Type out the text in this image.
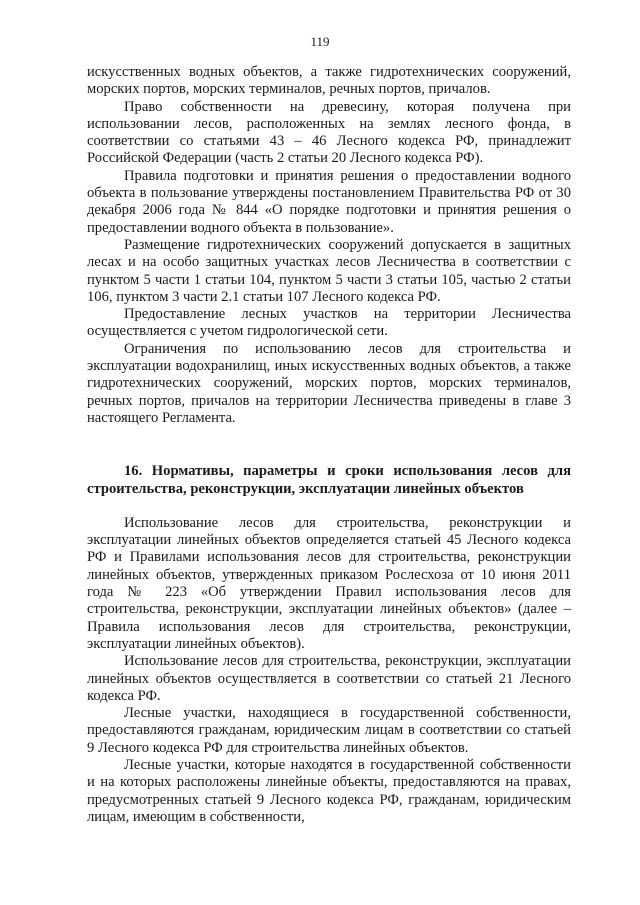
119

искусственных водных объектов, а также гидротехнических сооружений, морских портов, морских терминалов, речных портов, причалов.

Право собственности на древесину, которая получена при использовании лесов, расположенных на землях лесного фонда, в соответствии со статьями 43 – 46 Лесного кодекса РФ, принадлежит Российской Федерации (часть 2 статьи 20 Лесного кодекса РФ).

Правила подготовки и принятия решения о предоставлении водного объекта в пользование утверждены постановлением Правительства РФ от 30 декабря 2006 года № 844 «О порядке подготовки и принятия решения о предоставлении водного объекта в пользование».

Размещение гидротехнических сооружений допускается в защитных лесах и на особо защитных участках лесов Лесничества в соответствии с пунктом 5 части 1 статьи 104, пунктом 5 части 3 статьи 105, частью 2 статьи 106, пунктом 3 части 2.1 статьи 107 Лесного кодекса РФ.

Предоставление лесных участков на территории Лесничества осуществляется с учетом гидрологической сети.

Ограничения по использованию лесов для строительства и эксплуатации водохранилищ, иных искусственных водных объектов, а также гидротехнических сооружений, морских портов, морских терминалов, речных портов, причалов на территории Лесничества приведены в главе 3 настоящего Регламента.

16. Нормативы, параметры и сроки использования лесов для строительства, реконструкции, эксплуатации линейных объектов

Использование лесов для строительства, реконструкции и эксплуатации линейных объектов определяется статьей 45 Лесного кодекса РФ и Правилами использования лесов для строительства, реконструкции линейных объектов, утвержденных приказом Рослесхоза от 10 июня 2011 года № 223 «Об утверждении Правил использования лесов для строительства, реконструкции, эксплуатации линейных объектов» (далее – Правила использования лесов для строительства, реконструкции, эксплуатации линейных объектов).

Использование лесов для строительства, реконструкции, эксплуатации линейных объектов осуществляется в соответствии со статьей 21 Лесного кодекса РФ.

Лесные участки, находящиеся в государственной собственности, предоставляются гражданам, юридическим лицам в соответствии со статьей 9 Лесного кодекса РФ для строительства линейных объектов.

Лесные участки, которые находятся в государственной собственности и на которых расположены линейные объекты, предоставляются на правах, предусмотренных статьей 9 Лесного кодекса РФ, гражданам, юридическим лицам, имеющим в собственности,
